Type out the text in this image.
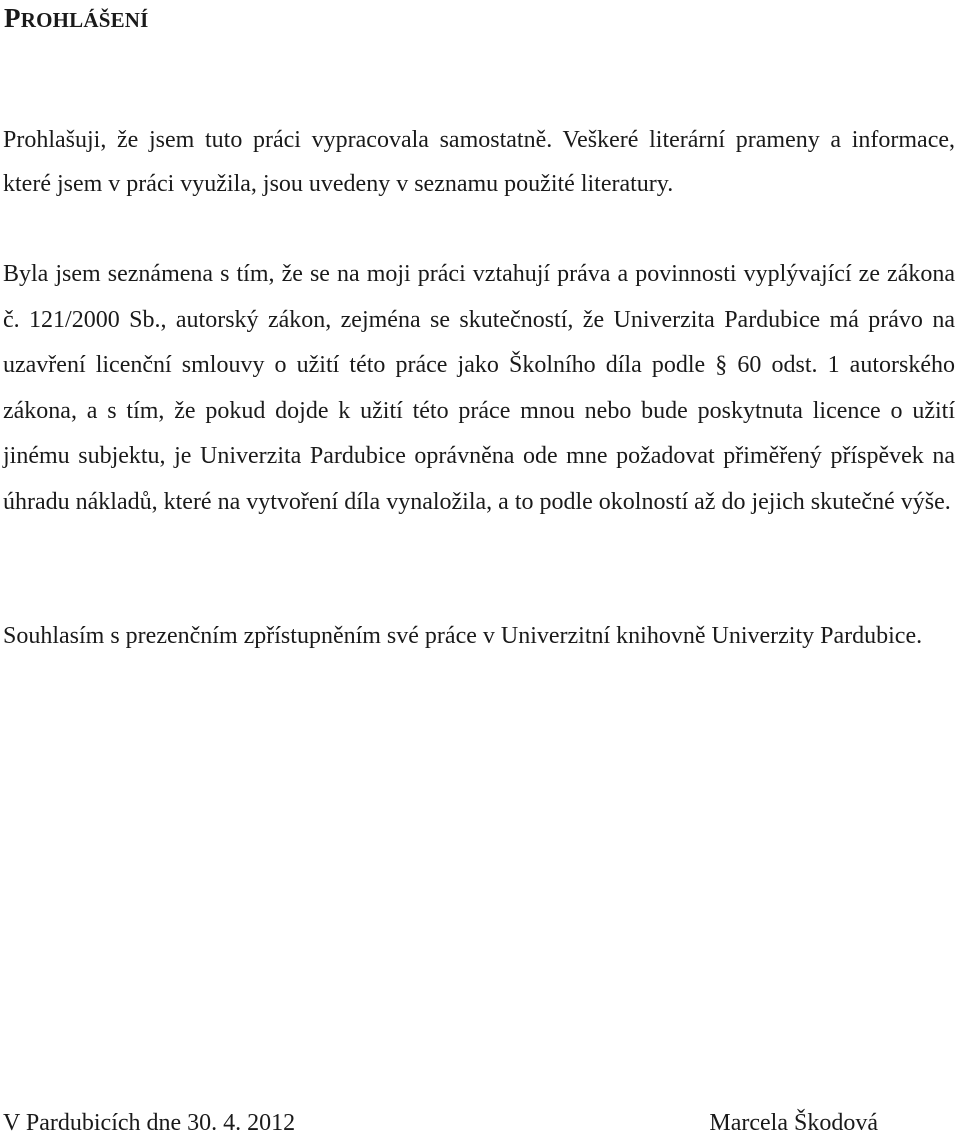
PROHLÁŠENÍ

Prohlašuji, že jsem tuto práci vypracovala samostatně. Veškeré literární prameny a informace, které jsem v práci využila, jsou uvedeny v seznamu použité literatury.

Byla jsem seznámena s tím, že se na moji práci vztahují práva a povinnosti vyplývající ze zákona č. 121/2000 Sb., autorský zákon, zejména se skutečností, že Univerzita Pardubice má právo na uzavření licenční smlouvy o užití této práce jako Školního díla podle § 60 odst. 1 autorského zákona, a s tím, že pokud dojde k užití této práce mnou nebo bude poskytnuta licence o užití jinému subjektu, je Univerzita Pardubice oprávněna ode mne požadovat přiměřený příspěvek na úhradu nákladů, které na vytvoření díla vynaložila, a to podle okolností až do jejich skutečné výše.

Souhlasím s prezenčním zpřístupněním své práce v Univerzitní knihovně Univerzity Pardubice.

V Pardubicích dne 30. 4. 2012	Marcela Škodová
